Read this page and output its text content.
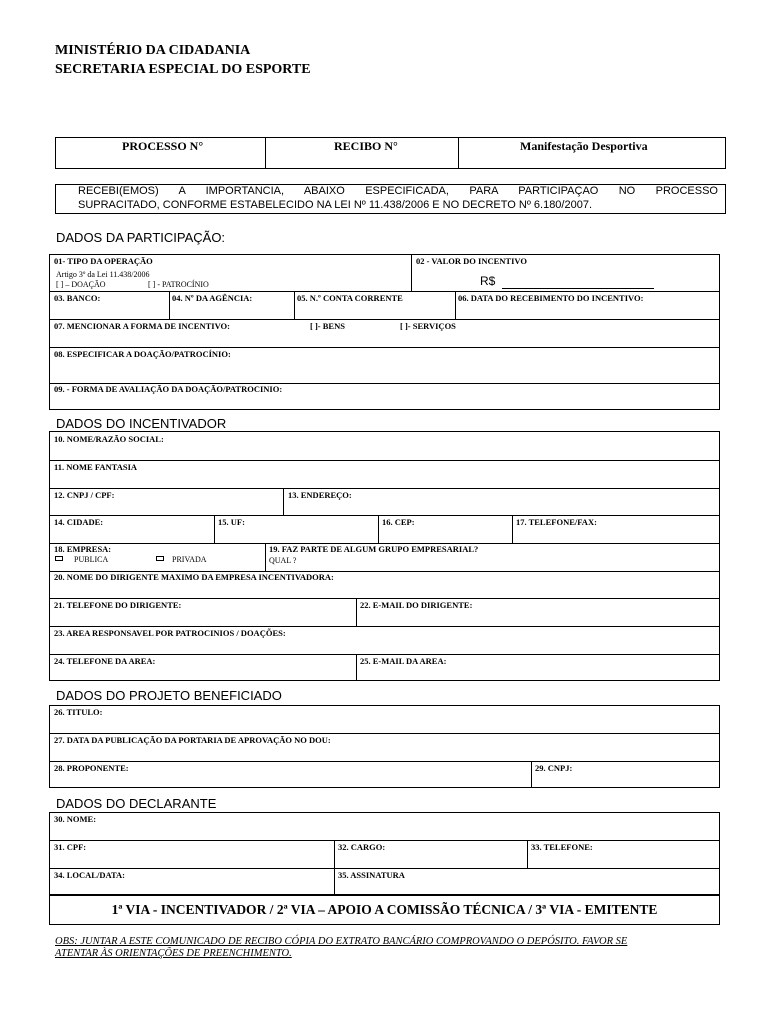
MINISTÉRIO DA CIDADANIA
SECRETARIA ESPECIAL DO ESPORTE
PROCESSO N°	RECIBO N°	Manifestação Desportiva
RECEBI(EMOS) A IMPORTANCIA, ABAIXO ESPECIFICADA, PARA PARTICIPAÇAO NO PROCESSO
SUPRACITADO, CONFORME ESTABELECIDO NA LEI Nº 11.438/2006 E NO DECRETO Nº 6.180/2007.
DADOS DA PARTICIPAÇÃO:
01- TIPO DA OPERAÇÃO
Artigo 3º da Lei 11.438/2006
[ ] – DOAÇÃO	[ ] - PATROCÍNIO
02 - VALOR DO INCENTIVO
R$
03. BANCO:	04. Nº DA AGÊNCIA:	05. N.º CONTA CORRENTE	06. DATA DO RECEBIMENTO DO INCENTIVO:
07. MENCIONAR A FORMA DE INCENTIVO:	[ ]- BENS	[ ]- SERVIÇOS
08. ESPECIFICAR A DOAÇÃO/PATROCÍNIO:
09. - FORMA DE AVALIAÇÃO DA DOAÇÃO/PATROCINIO:
DADOS DO INCENTIVADOR
10. NOME/RAZÃO SOCIAL:
11. NOME FANTASIA
12. CNPJ / CPF:	13. ENDEREÇO:
14. CIDADE:	15. UF:	16. CEP:	17. TELEFONE/FAX:
18. EMPRESA:
PUBLICA	PRIVADA
19. FAZ PARTE DE ALGUM GRUPO EMPRESARIAL?
QUAL ?
20. NOME DO DIRIGENTE MAXIMO DA EMPRESA INCENTIVADORA:
21. TELEFONE DO DIRIGENTE:	22. E-MAIL DO DIRIGENTE:
23. AREA RESPONSAVEL POR PATROCINIOS / DOAÇÕES:
24. TELEFONE DA AREA:	25. E-MAIL DA AREA:
DADOS DO PROJETO BENEFICIADO
26. TITULO:
27. DATA DA PUBLICAÇÃO DA PORTARIA DE APROVAÇÃO NO DOU:
28. PROPONENTE:	29. CNPJ:
DADOS DO DECLARANTE
30. NOME:
31. CPF:	32. CARGO:	33. TELEFONE:
34. LOCAL/DATA:	35. ASSINATURA
1ª VIA - INCENTIVADOR / 2ª VIA – APOIO A COMISSÃO TÉCNICA / 3ª VIA - EMITENTE
OBS: JUNTAR A ESTE COMUNICADO DE RECIBO CÓPIA DO EXTRATO BANCÁRIO COMPROVANDO O DEPÓSITO. FAVOR SE
ATENTAR ÀS ORIENTAÇÕES DE PREENCHIMENTO.
